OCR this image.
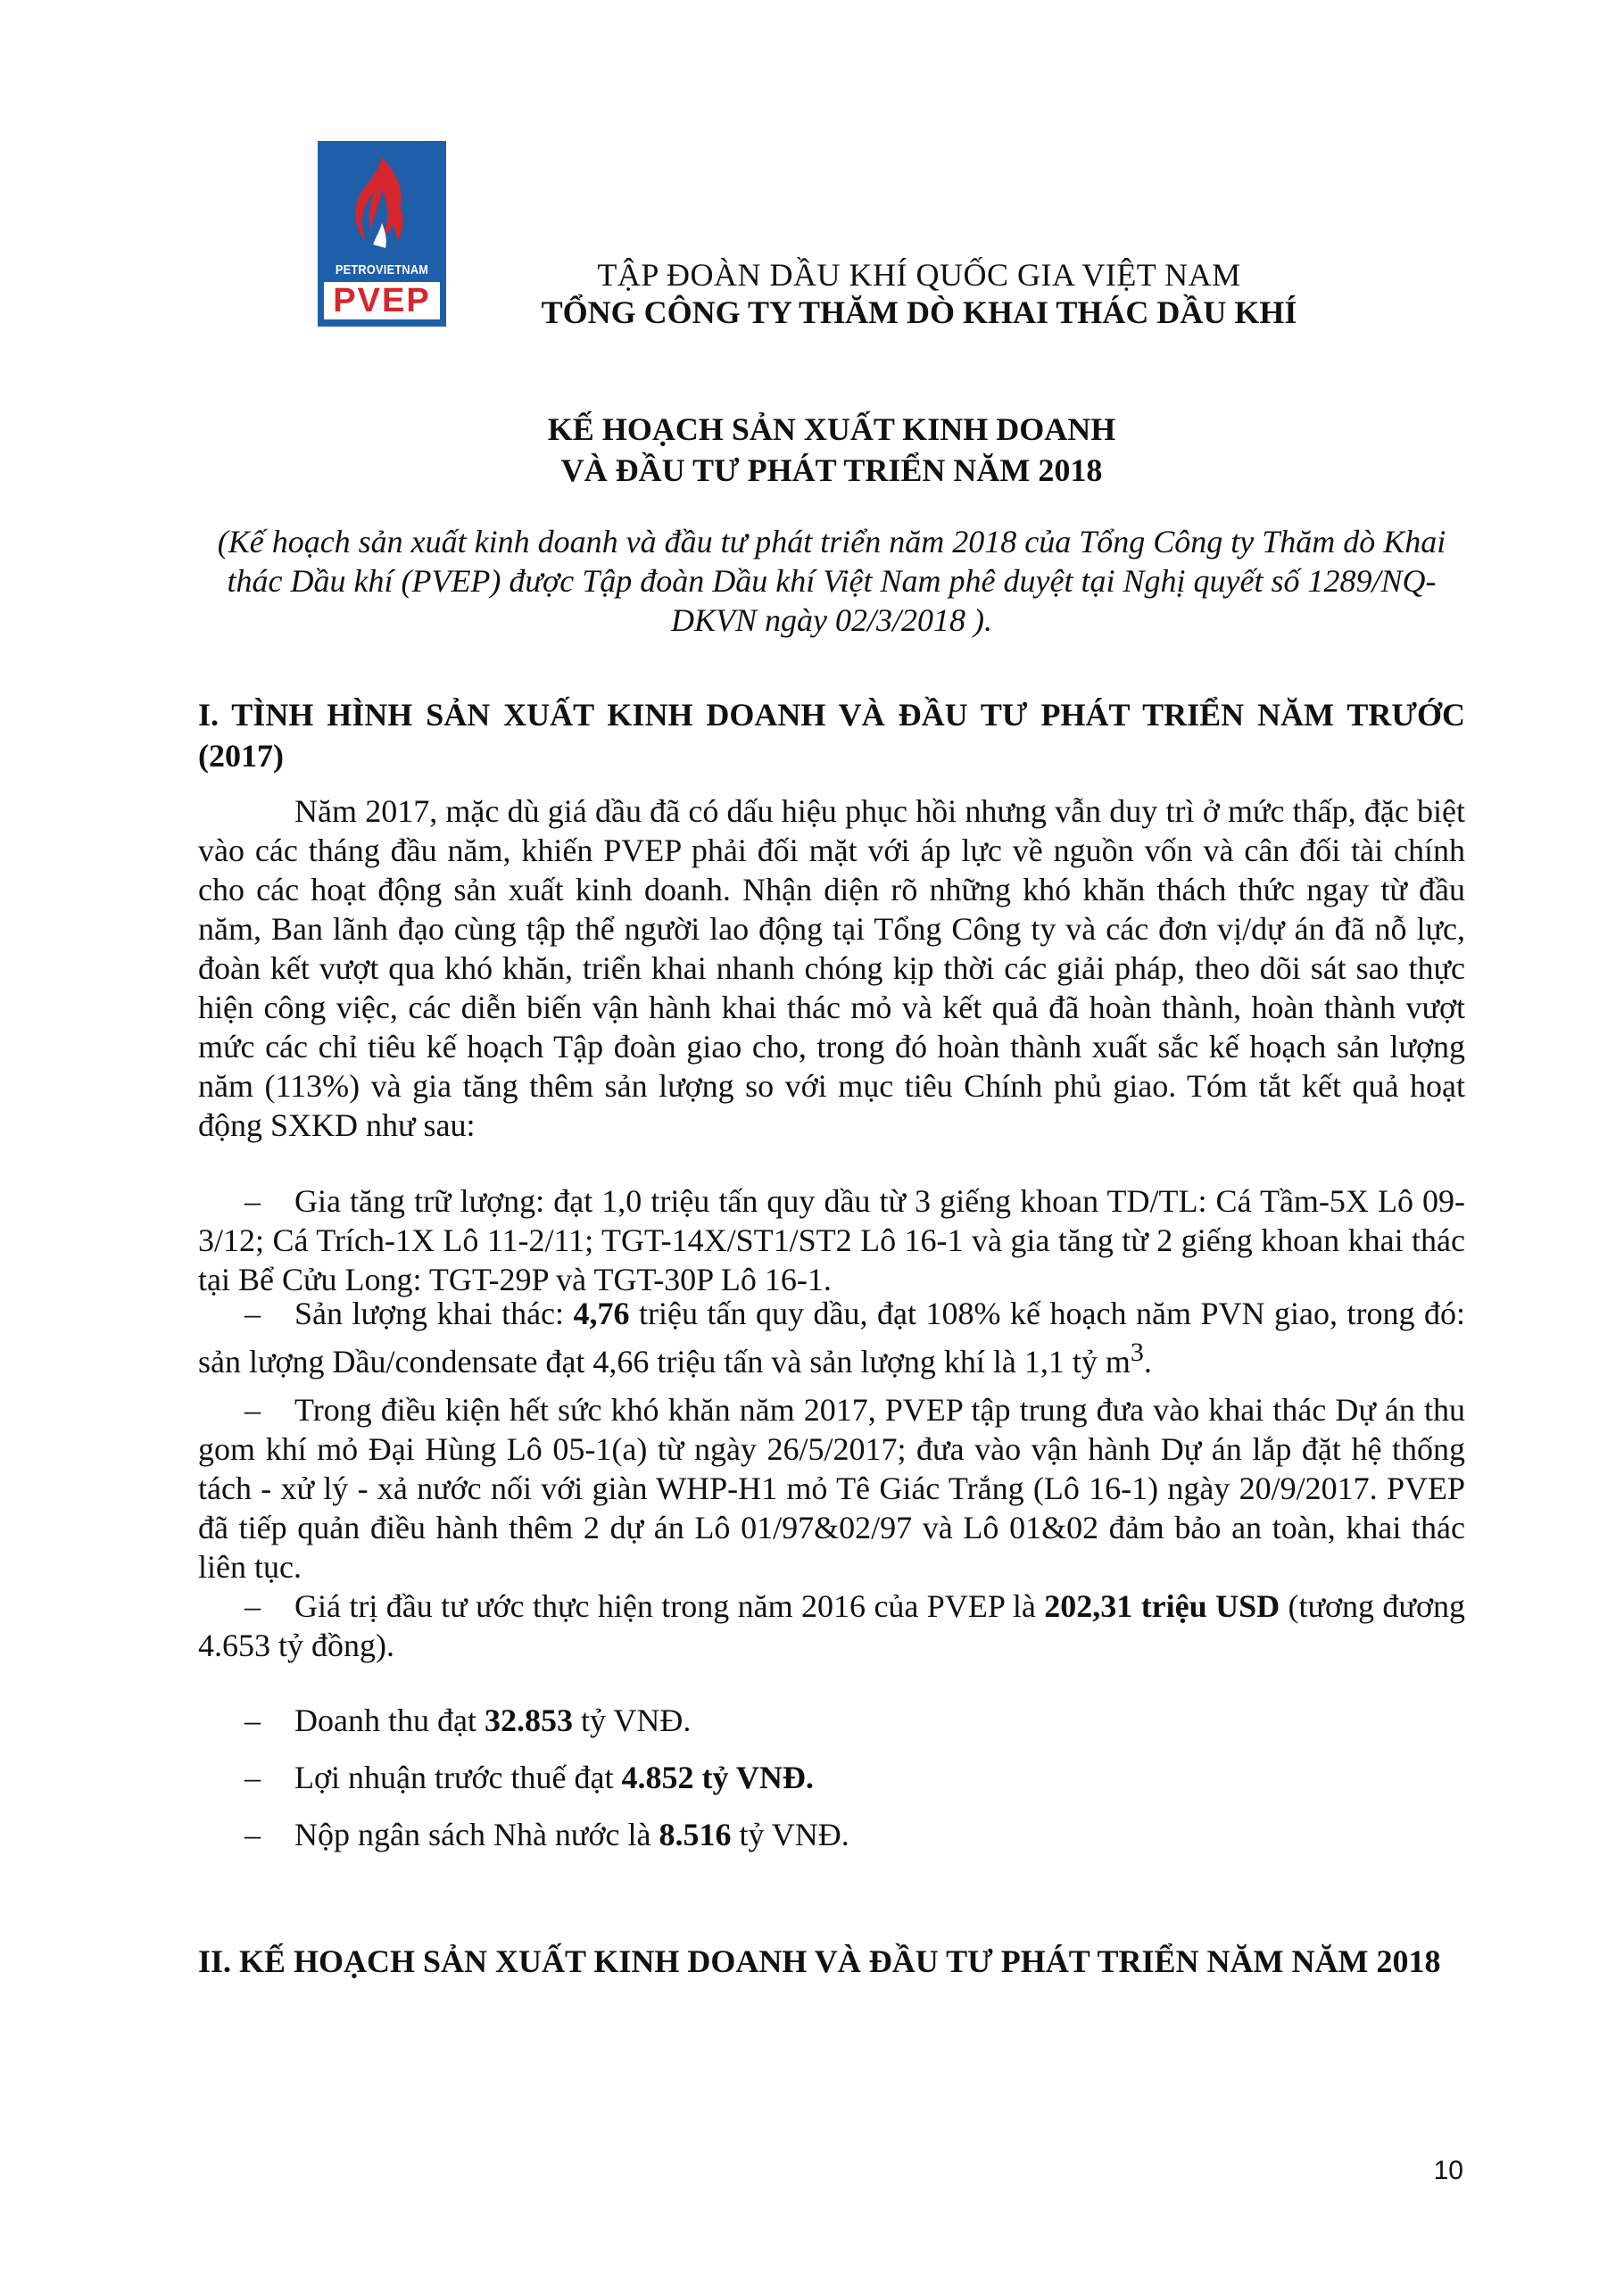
PETROVIETNAM
PVEP
TẬP ĐOÀN DẦU KHÍ QUỐC GIA VIỆT NAM
TỔNG CÔNG TY THĂM DÒ KHAI THÁC DẦU KHÍ
KẾ HOẠCH SẢN XUẤT KINH DOANH
VÀ ĐẦU TƯ PHÁT TRIỂN NĂM 2018
(Kế hoạch sản xuất kinh doanh và đầu tư phát triển năm 2018 của Tổng Công ty Thăm dò Khai thác Dầu khí (PVEP) được Tập đoàn Dầu khí Việt Nam phê duyệt tại Nghị quyết số 1289/NQ-DKVN ngày 02/3/2018 ).
I. TÌNH HÌNH SẢN XUẤT KINH DOANH VÀ ĐẦU TƯ PHÁT TRIỂN NĂM TRƯỚC (2017)
Năm 2017, mặc dù giá dầu đã có dấu hiệu phục hồi nhưng vẫn duy trì ở mức thấp, đặc biệt vào các tháng đầu năm, khiến PVEP phải đối mặt với áp lực về nguồn vốn và cân đối tài chính cho các hoạt động sản xuất kinh doanh. Nhận diện rõ những khó khăn thách thức ngay từ đầu năm, Ban lãnh đạo cùng tập thể người lao động tại Tổng Công ty và các đơn vị/dự án đã nỗ lực, đoàn kết vượt qua khó khăn, triển khai nhanh chóng kịp thời các giải pháp, theo dõi sát sao thực hiện công việc, các diễn biến vận hành khai thác mỏ và kết quả đã hoàn thành, hoàn thành vượt mức các chỉ tiêu kế hoạch Tập đoàn giao cho, trong đó hoàn thành xuất sắc kế hoạch sản lượng năm (113%) và gia tăng thêm sản lượng so với mục tiêu Chính phủ giao. Tóm tắt kết quả hoạt động SXKD như sau:
– Gia tăng trữ lượng: đạt 1,0 triệu tấn quy dầu từ 3 giếng khoan TD/TL: Cá Tầm-5X Lô 09-3/12; Cá Trích-1X Lô 11-2/11; TGT-14X/ST1/ST2 Lô 16-1 và gia tăng từ 2 giếng khoan khai thác tại Bể Cửu Long: TGT-29P và TGT-30P Lô 16-1.
– Sản lượng khai thác: 4,76 triệu tấn quy dầu, đạt 108% kế hoạch năm PVN giao, trong đó: sản lượng Dầu/condensate đạt 4,66 triệu tấn và sản lượng khí là 1,1 tỷ $m^3$.
– Trong điều kiện hết sức khó khăn năm 2017, PVEP tập trung đưa vào khai thác Dự án thu gom khí mỏ Đại Hùng Lô 05-1(a) từ ngày 26/5/2017; đưa vào vận hành Dự án lắp đặt hệ thống tách - xử lý - xả nước nối với giàn WHP-H1 mỏ Tê Giác Trắng (Lô 16-1) ngày 20/9/2017. PVEP đã tiếp quản điều hành thêm 2 dự án Lô 01/97&02/97 và Lô 01&02 đảm bảo an toàn, khai thác liên tục.
– Giá trị đầu tư ước thực hiện trong năm 2016 của PVEP là 202,31 triệu USD (tương đương 4.653 tỷ đồng).
– Doanh thu đạt 32.853 tỷ VNĐ.
– Lợi nhuận trước thuế đạt 4.852 tỷ VNĐ.
– Nộp ngân sách Nhà nước là 8.516 tỷ VNĐ.
II. KẾ HOẠCH SẢN XUẤT KINH DOANH VÀ ĐẦU TƯ PHÁT TRIỂN NĂM NĂM 2018
10
